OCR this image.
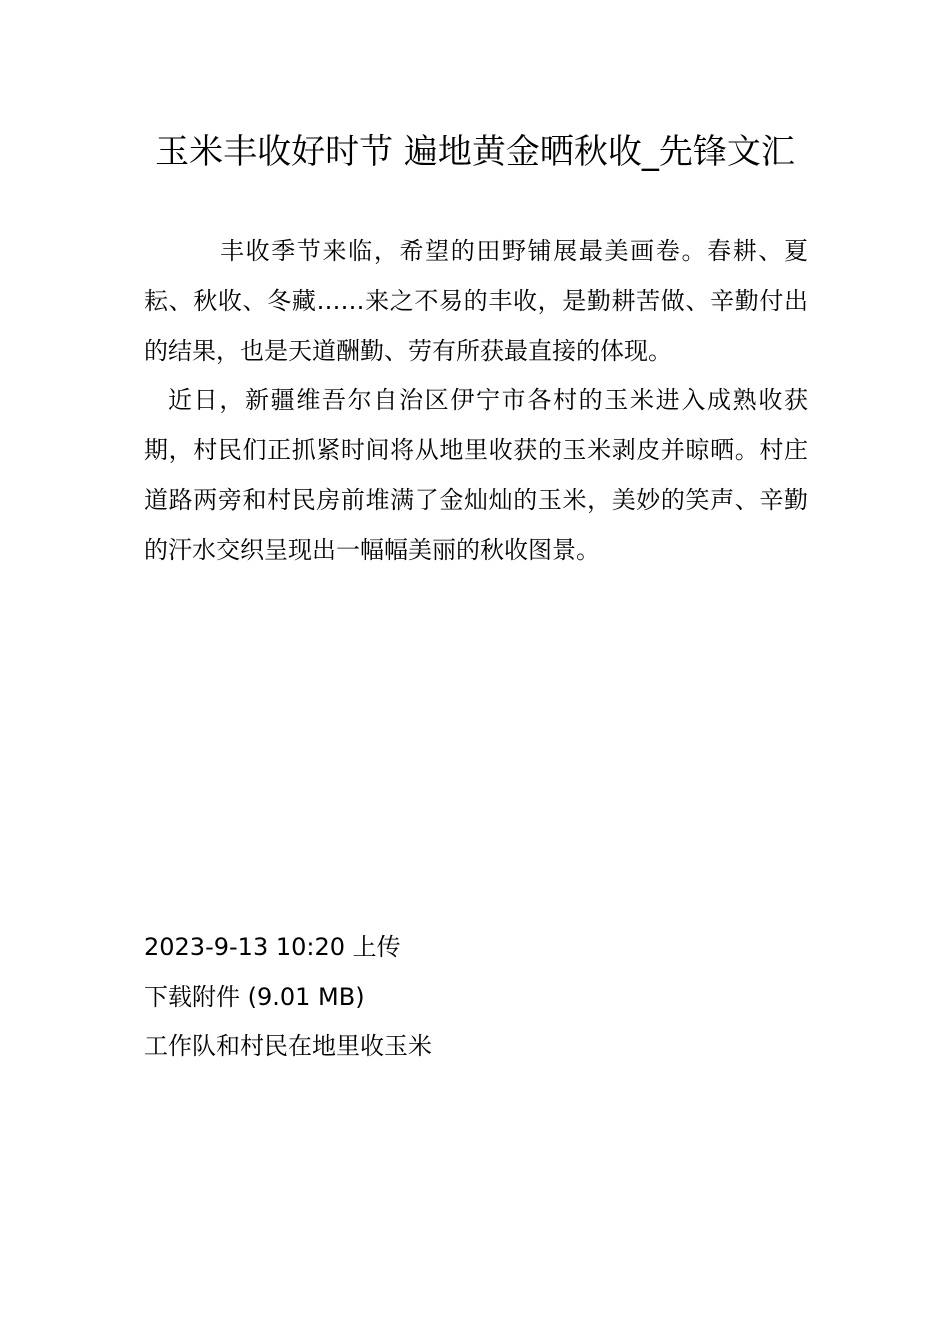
玉米丰收好时节 遍地黄金晒秋收_先锋文汇

丰收季节来临，希望的田野铺展最美画卷。春耕、夏耘、秋收、冬藏……来之不易的丰收，是勤耕苦做、辛勤付出的结果，也是天道酬勤、劳有所获最直接的体现。

近日，新疆维吾尔自治区伊宁市各村的玉米进入成熟收获期，村民们正抓紧时间将从地里收获的玉米剥皮并晾晒。村庄道路两旁和村民房前堆满了金灿灿的玉米，美妙的笑声、辛勤的汗水交织呈现出一幅幅美丽的秋收图景。

2023-9-13 10:20 上传

下载附件 (9.01 MB)

工作队和村民在地里收玉米
